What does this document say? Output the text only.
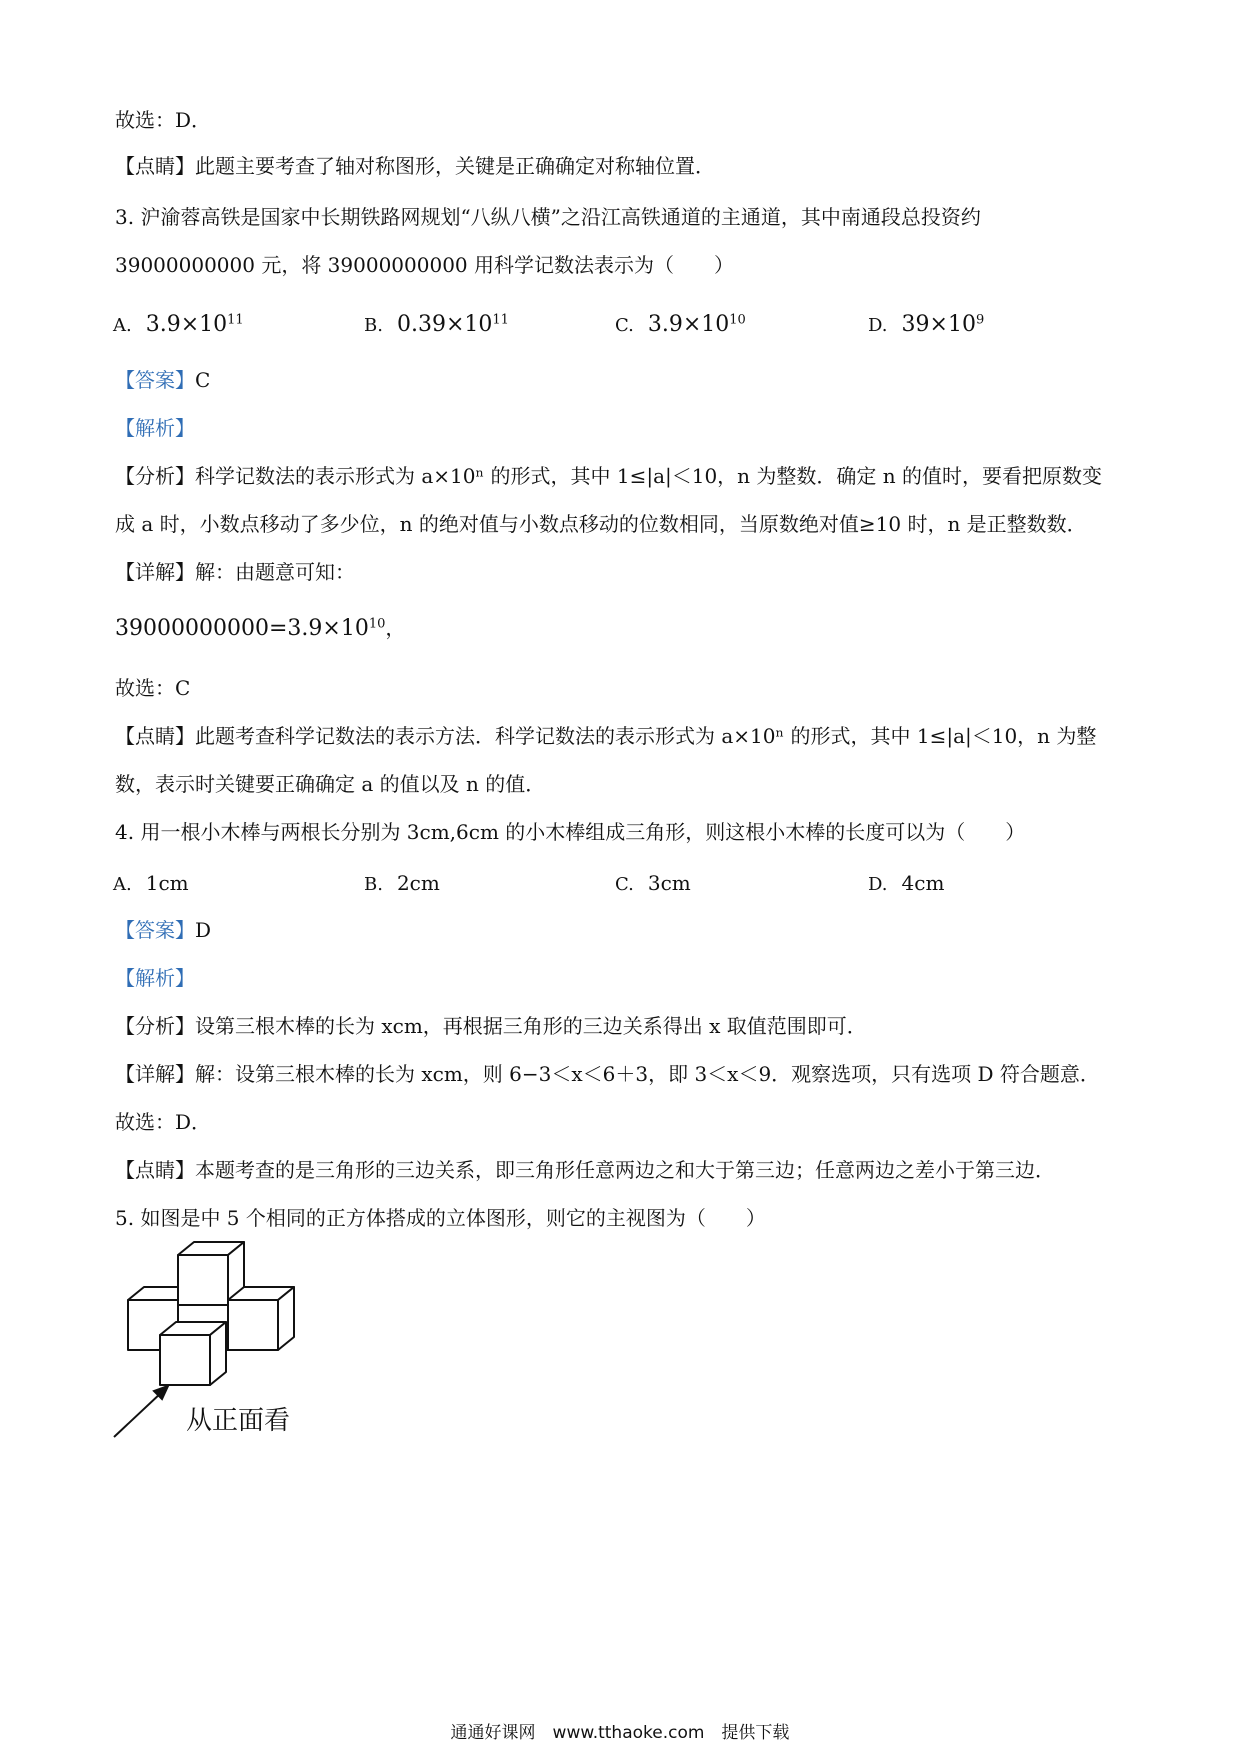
故选：D．
【点睛】此题主要考查了轴对称图形，关键是正确确定对称轴位置．
3. 沪渝蓉高铁是国家中长期铁路网规划“八纵八横”之沿江高铁通道的主通道，其中南通段总投资约
39000000000 元，将 39000000000 用科学记数法表示为（　　）
A. $3.9\times 10^{11}$	B. $0.39\times 10^{11}$	C. $3.9\times 10^{10}$	D. $39\times 10^9$
【答案】C
【解析】
【分析】科学记数法的表示形式为 a×10ⁿ 的形式，其中 1≤|a|＜10，n 为整数．确定 n 的值时，要看把原数变
成 a 时，小数点移动了多少位，n 的绝对值与小数点移动的位数相同，当原数绝对值≥10 时，n 是正整数数．
【详解】解：由题意可知：
$39000000000=3.9\times 10^{10}$，
故选：C
【点睛】此题考查科学记数法的表示方法．科学记数法的表示形式为 a×10ⁿ 的形式，其中 1≤|a|＜10，n 为整
数，表示时关键要正确确定 a 的值以及 n 的值．
4. 用一根小木棒与两根长分别为 3cm,6cm 的小木棒组成三角形，则这根小木棒的长度可以为（　　）
A. 1cm	B. 2cm	C. 3cm	D. 4cm
【答案】D
【解析】
【分析】设第三根木棒的长为 xcm，再根据三角形的三边关系得出 x 取值范围即可．
【详解】解：设第三根木棒的长为 xcm，则 6−3＜x＜6＋3，即 3＜x＜9．观察选项，只有选项 D 符合题意．
故选：D．
【点睛】本题考查的是三角形的三边关系，即三角形任意两边之和大于第三边；任意两边之差小于第三边．
5. 如图是中 5 个相同的正方体搭成的立体图形，则它的主视图为（　　）
从正面看
通通好课网　www.tthaoke.com　提供下载
